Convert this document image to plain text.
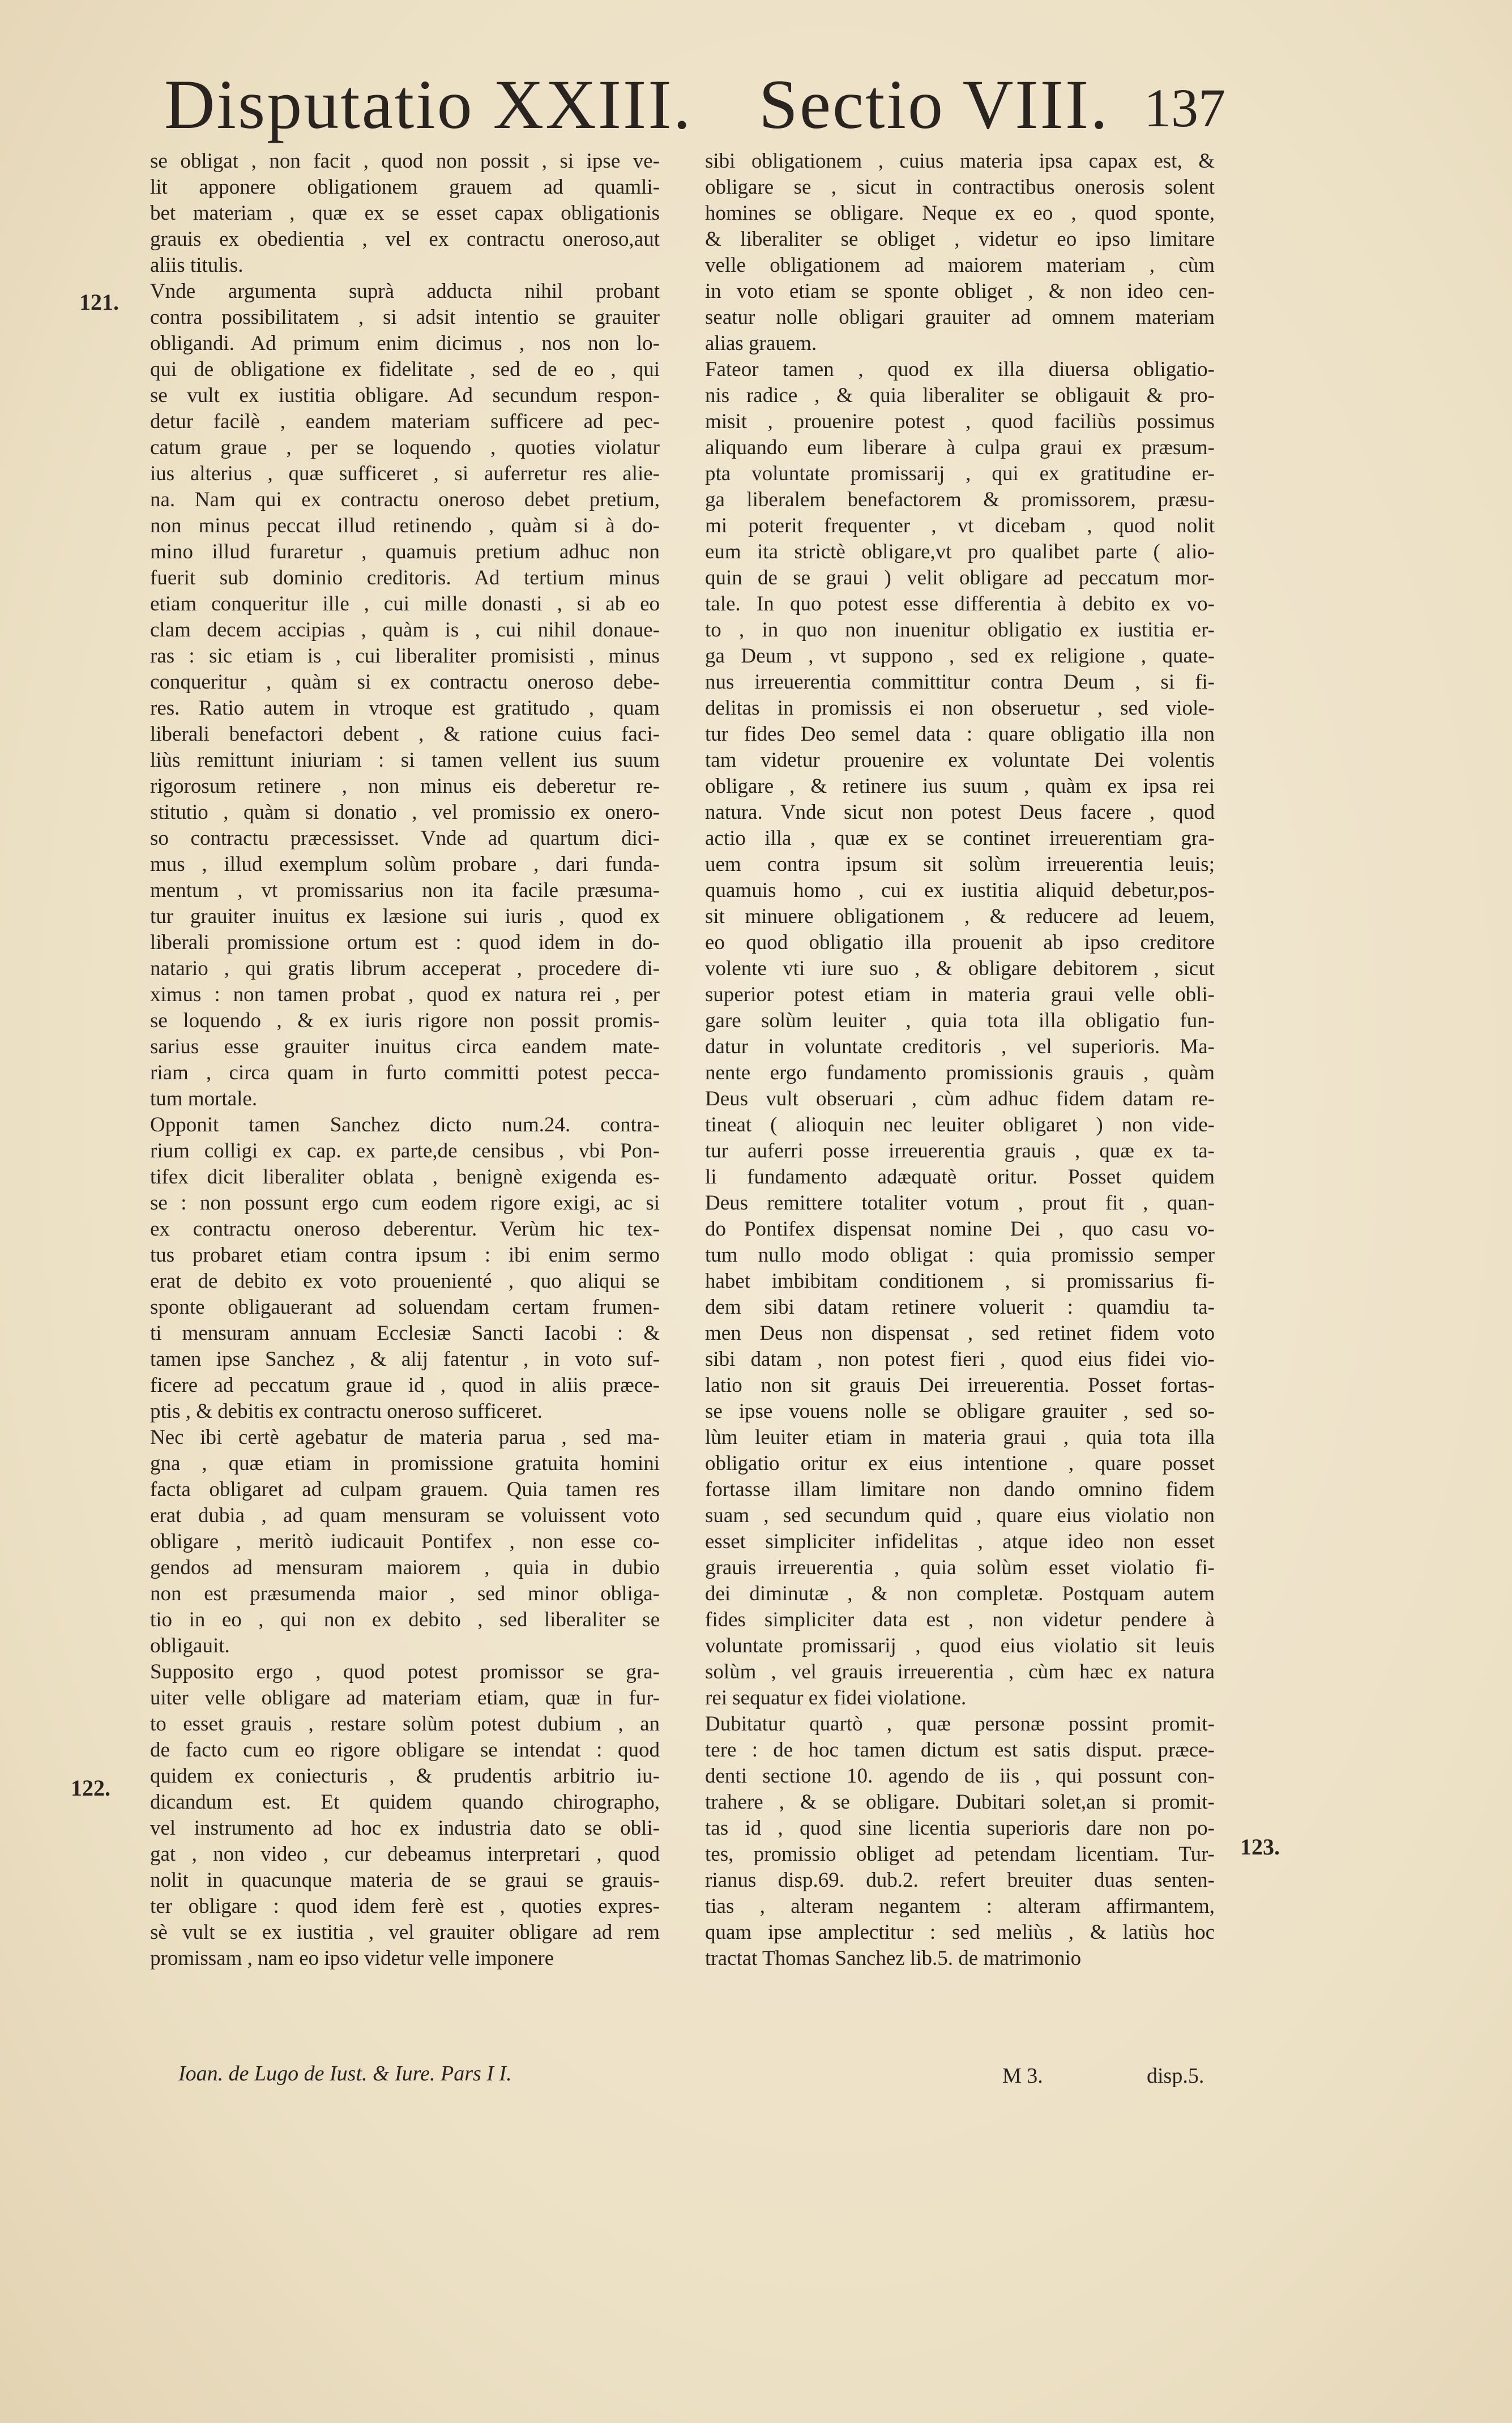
Disputatio XXIII. Sectio VIII. 137
se obligat , non facit , quod non possit , si ipse ve-
lit apponere obligationem grauem ad quamli-
bet materiam , quæ ex se esset capax obligationis
grauis ex obedientia , vel ex contractu oneroso,aut
aliis titulis.
Vnde argumenta suprà adducta nihil probant
contra possibilitatem , si adsit intentio se grauiter
obligandi. Ad primum enim dicimus , nos non lo-
qui de obligatione ex fidelitate , sed de eo , qui
se vult ex iustitia obligare. Ad secundum respon-
detur facilè , eandem materiam sufficere ad pec-
catum graue , per se loquendo , quoties violatur
ius alterius , quæ sufficeret , si auferretur res alie-
na. Nam qui ex contractu oneroso debet pretium,
non minus peccat illud retinendo , quàm si à do-
mino illud furaretur , quamuis pretium adhuc non
fuerit sub dominio creditoris. Ad tertium minus
etiam conqueritur ille , cui mille donasti , si ab eo
clam decem accipias , quàm is , cui nihil donaue-
ras : sic etiam is , cui liberaliter promisisti , minus
conqueritur , quàm si ex contractu oneroso debe-
res. Ratio autem in vtroque est gratitudo , quam
liberali benefactori debent , & ratione cuius faci-
liùs remittunt iniuriam : si tamen vellent ius suum
rigorosum retinere , non minus eis deberetur re-
stitutio , quàm si donatio , vel promissio ex onero-
so contractu præcessisset. Vnde ad quartum dici-
mus , illud exemplum solùm probare , dari funda-
mentum , vt promissarius non ita facile præsuma-
tur grauiter inuitus ex læsione sui iuris , quod ex
liberali promissione ortum est : quod idem in do-
natario , qui gratis librum acceperat , procedere di-
ximus : non tamen probat , quod ex natura rei , per
se loquendo , & ex iuris rigore non possit promis-
sarius esse grauiter inuitus circa eandem mate-
riam , circa quam in furto committi potest pecca-
tum mortale.
Opponit tamen Sanchez dicto num.24. contra-
rium colligi ex cap. ex parte,de censibus , vbi Pon-
tifex dicit liberaliter oblata , benignè exigenda es-
se : non possunt ergo cum eodem rigore exigi, ac si
ex contractu oneroso deberentur. Verùm hic tex-
tus probaret etiam contra ipsum : ibi enim sermo
erat de debito ex voto prouenienté , quo aliqui se
sponte obligauerant ad soluendam certam frumen-
ti mensuram annuam Ecclesiæ Sancti Iacobi : &
tamen ipse Sanchez , & alij fatentur , in voto suf-
ficere ad peccatum graue id , quod in aliis præce-
ptis , & debitis ex contractu oneroso sufficeret.
Nec ibi certè agebatur de materia parua , sed ma-
gna , quæ etiam in promissione gratuita homini
facta obligaret ad culpam grauem. Quia tamen res
erat dubia , ad quam mensuram se voluissent voto
obligare , meritò iudicauit Pontifex , non esse co-
gendos ad mensuram maiorem , quia in dubio
non est præsumenda maior , sed minor obliga-
tio in eo , qui non ex debito , sed liberaliter se
obligauit.
Supposito ergo , quod potest promissor se gra-
uiter velle obligare ad materiam etiam, quæ in fur-
to esset grauis , restare solùm potest dubium , an
de facto cum eo rigore obligare se intendat : quod
quidem ex coniecturis , & prudentis arbitrio iu-
dicandum est. Et quidem quando chirographo,
vel instrumento ad hoc ex industria dato se obli-
gat , non video , cur debeamus interpretari , quod
nolit in quacunque materia de se graui se grauis-
ter obligare : quod idem ferè est , quoties expres-
sè vult se ex iustitia , vel grauiter obligare ad rem
promissam , nam eo ipso videtur velle imponere
sibi obligationem , cuius materia ipsa capax est, &
obligare se , sicut in contractibus onerosis solent
homines se obligare. Neque ex eo , quod sponte,
& liberaliter se obliget , videtur eo ipso limitare
velle obligationem ad maiorem materiam , cùm
in voto etiam se sponte obliget , & non ideo cen-
seatur nolle obligari grauiter ad omnem materiam
alias grauem.
Fateor tamen , quod ex illa diuersa obligatio-
nis radice , & quia liberaliter se obligauit & pro-
misit , prouenire potest , quod faciliùs possimus
aliquando eum liberare à culpa graui ex præsum-
pta voluntate promissarij , qui ex gratitudine er-
ga liberalem benefactorem & promissorem, præsu-
mi poterit frequenter , vt dicebam , quod nolit
eum ita strictè obligare,vt pro qualibet parte ( alio-
quin de se graui ) velit obligare ad peccatum mor-
tale. In quo potest esse differentia à debito ex vo-
to , in quo non inuenitur obligatio ex iustitia er-
ga Deum , vt suppono , sed ex religione , quate-
nus irreuerentia committitur contra Deum , si fi-
delitas in promissis ei non obseruetur , sed viole-
tur fides Deo semel data : quare obligatio illa non
tam videtur prouenire ex voluntate Dei volentis
obligare , & retinere ius suum , quàm ex ipsa rei
natura. Vnde sicut non potest Deus facere , quod
actio illa , quæ ex se continet irreuerentiam gra-
uem contra ipsum sit solùm irreuerentia leuis;
quamuis homo , cui ex iustitia aliquid debetur,pos-
sit minuere obligationem , & reducere ad leuem,
eo quod obligatio illa prouenit ab ipso creditore
volente vti iure suo , & obligare debitorem , sicut
superior potest etiam in materia graui velle obli-
gare solùm leuiter , quia tota illa obligatio fun-
datur in voluntate creditoris , vel superioris. Ma-
nente ergo fundamento promissionis grauis , quàm
Deus vult obseruari , cùm adhuc fidem datam re-
tineat ( alioquin nec leuiter obligaret ) non vide-
tur auferri posse irreuerentia grauis , quæ ex ta-
li fundamento adæquatè oritur. Posset quidem
Deus remittere totaliter votum , prout fit , quan-
do Pontifex dispensat nomine Dei , quo casu vo-
tum nullo modo obligat : quia promissio semper
habet imbibitam conditionem , si promissarius fi-
dem sibi datam retinere voluerit : quamdiu ta-
men Deus non dispensat , sed retinet fidem voto
sibi datam , non potest fieri , quod eius fidei vio-
latio non sit grauis Dei irreuerentia. Posset fortas-
se ipse vouens nolle se obligare grauiter , sed so-
lùm leuiter etiam in materia graui , quia tota illa
obligatio oritur ex eius intentione , quare posset
fortasse illam limitare non dando omnino fidem
suam , sed secundum quid , quare eius violatio non
esset simpliciter infidelitas , atque ideo non esset
grauis irreuerentia , quia solùm esset violatio fi-
dei diminutæ , & non completæ. Postquam autem
fides simpliciter data est , non videtur pendere à
voluntate promissarij , quod eius violatio sit leuis
solùm , vel grauis irreuerentia , cùm hæc ex natura
rei sequatur ex fidei violatione.
Dubitatur quartò , quæ personæ possint promit-
tere : de hoc tamen dictum est satis disput. præce-
denti sectione 10. agendo de iis , qui possunt con-
trahere , & se obligare. Dubitari solet,an si promit-
tas id , quod sine licentia superioris dare non po-
tes, promissio obliget ad petendam licentiam. Tur-
rianus disp.69. dub.2. refert breuiter duas senten-
tias , alteram negantem : alteram affirmantem,
quam ipse amplectitur : sed meliùs , & latiùs hoc
tractat Thomas Sanchez lib.5. de matrimonio
121.
122.
123.
Ioan. de Lugo de Iust. & Iure. Pars I I.	M 3.	disp.5.
